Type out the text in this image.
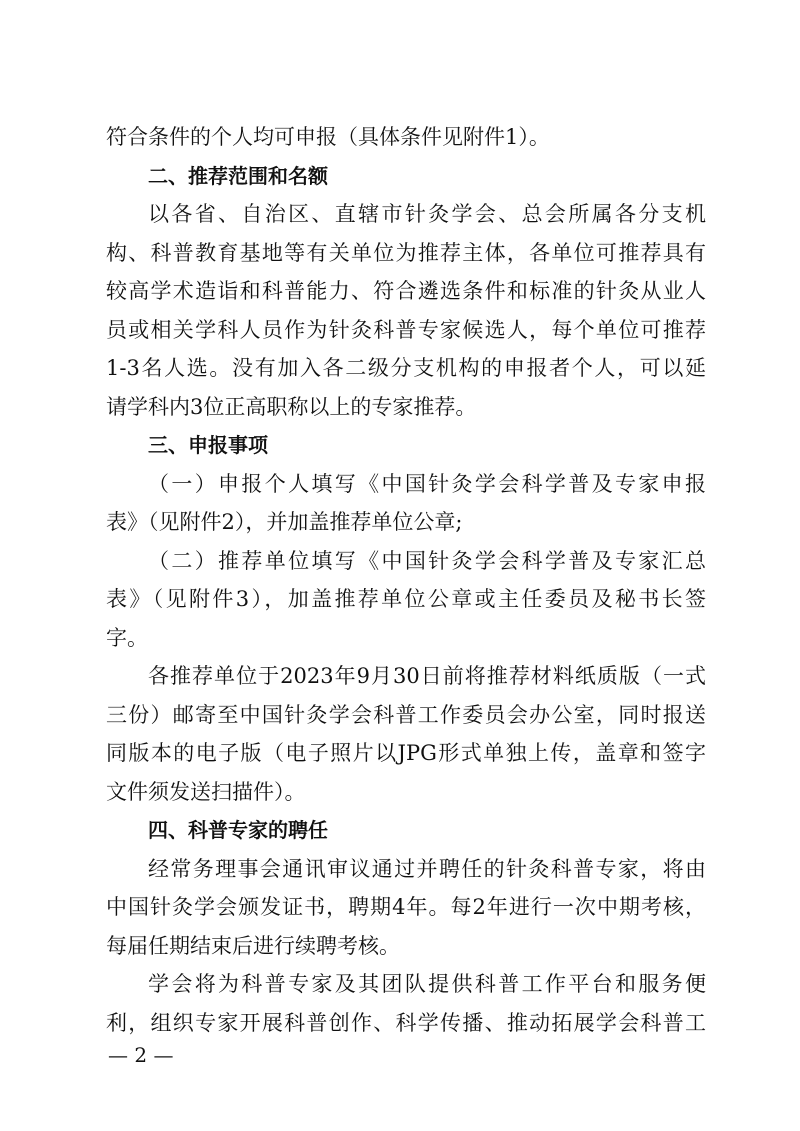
符合条件的个人均可申报（具体条件见附件1）。
二、推荐范围和名额
以各省、自治区、直辖市针灸学会、总会所属各分支机
构、科普教育基地等有关单位为推荐主体，各单位可推荐具有
较高学术造诣和科普能力、符合遴选条件和标准的针灸从业人
员或相关学科人员作为针灸科普专家候选人，每个单位可推荐
1-3名人选。没有加入各二级分支机构的申报者个人，可以延
请学科内3位正高职称以上的专家推荐。
三、申报事项
（一）申报个人填写《中国针灸学会科学普及专家申报
表》（见附件2），并加盖推荐单位公章;
（二）推荐单位填写《中国针灸学会科学普及专家汇总
表》（见附件3），加盖推荐单位公章或主任委员及秘书长签
字。
各推荐单位于2023年9月30日前将推荐材料纸质版（一式
三份）邮寄至中国针灸学会科普工作委员会办公室，同时报送
同版本的电子版（电子照片以JPG形式单独上传，盖章和签字
文件须发送扫描件）。
四、科普专家的聘任
经常务理事会通讯审议通过并聘任的针灸科普专家，将由
中国针灸学会颁发证书，聘期4年。每2年进行一次中期考核，
每届任期结束后进行续聘考核。
学会将为科普专家及其团队提供科普工作平台和服务便
利，组织专家开展科普创作、科学传播、推动拓展学会科普工
— 2 —
